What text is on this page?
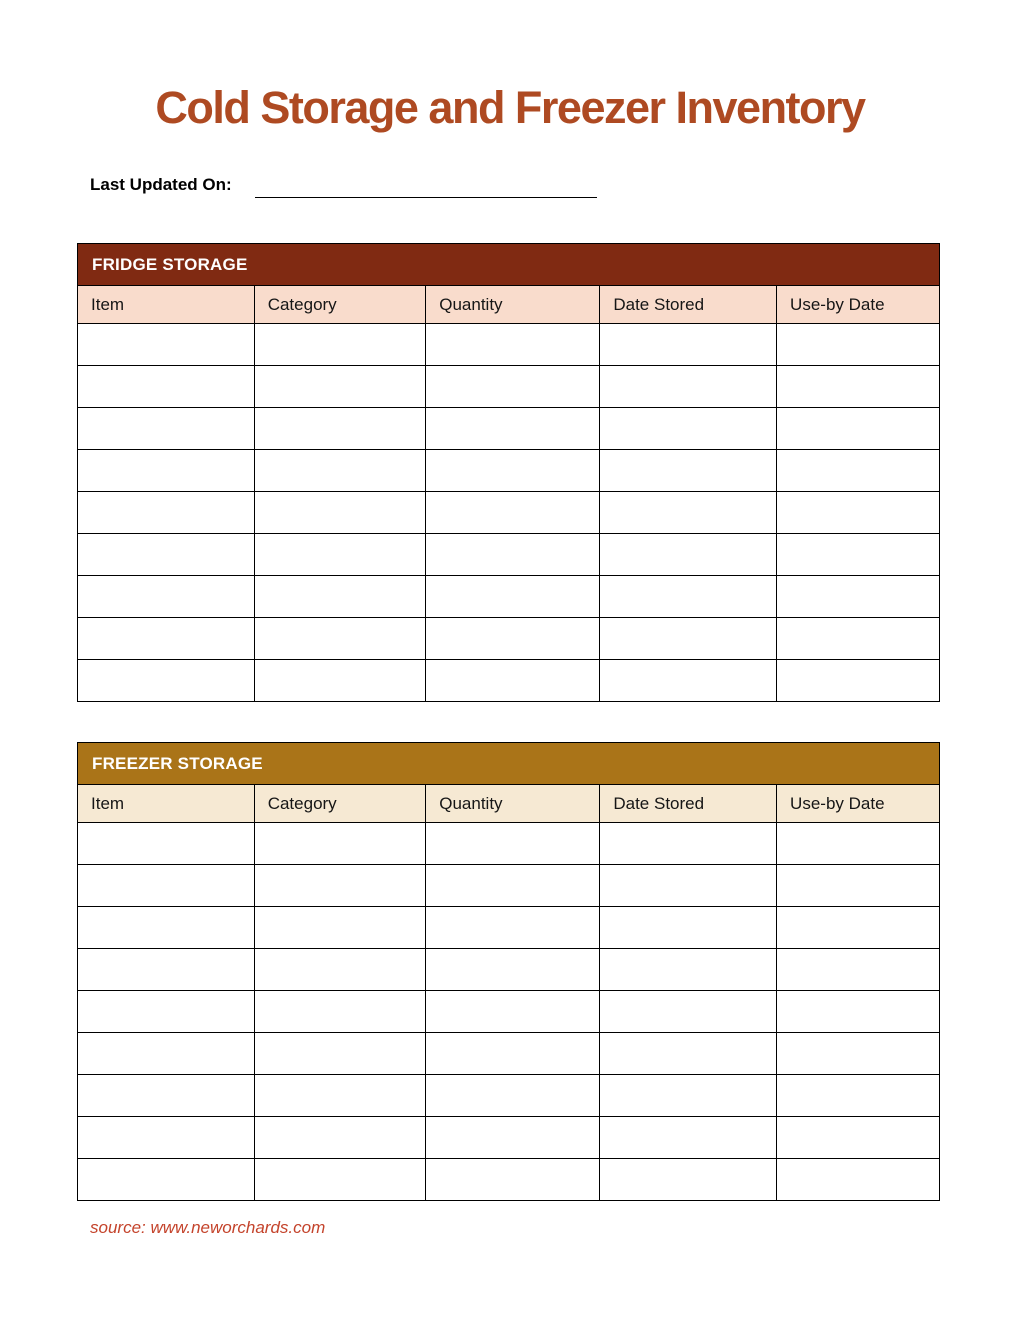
Cold Storage and Freezer Inventory
Last Updated On:
FRIDGE STORAGE				
Item	Category	Quantity	Date Stored	Use-by Date

FREEZER STORAGE				
Item	Category	Quantity	Date Stored	Use-by Date

source: www.neworchards.com
